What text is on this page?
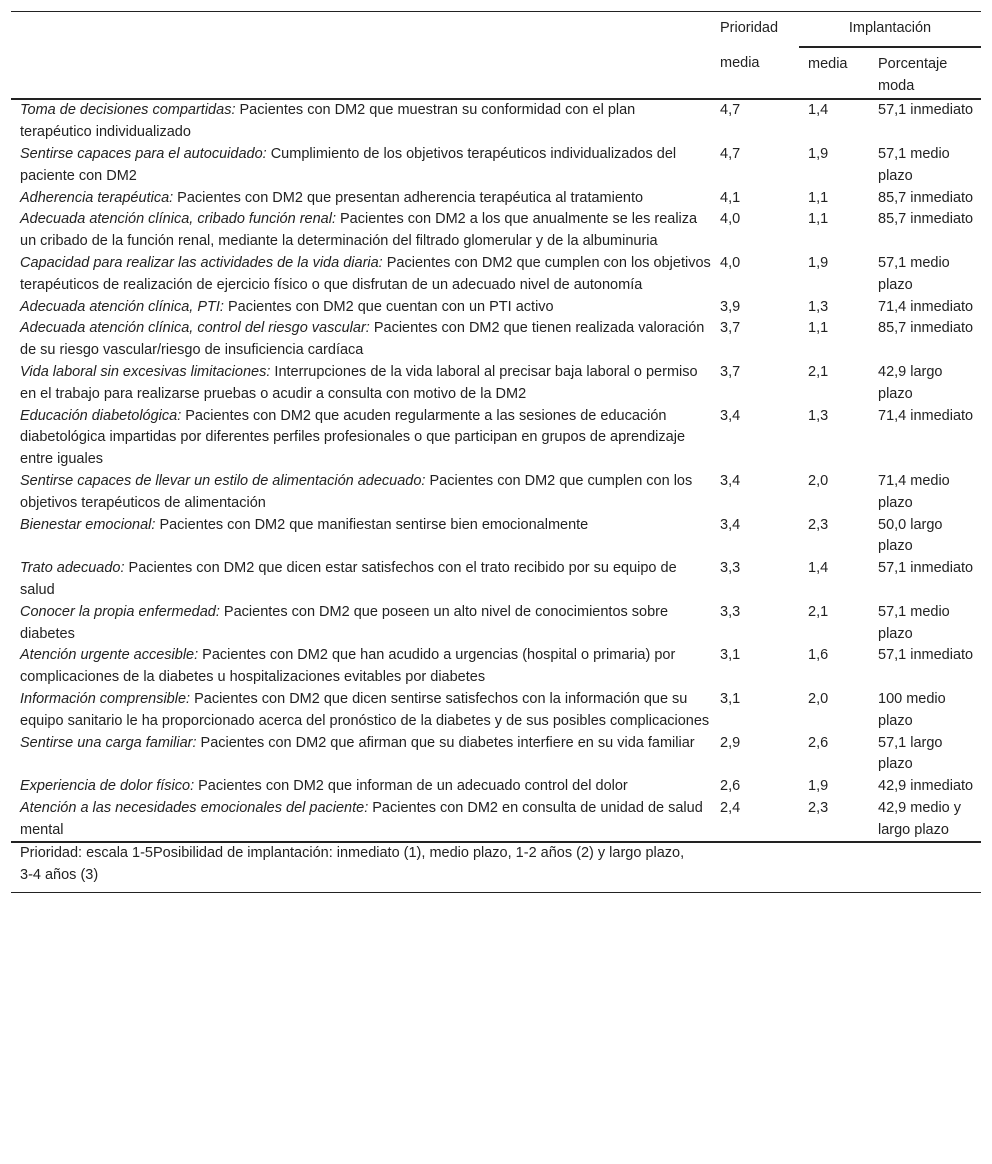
	Prioridad	Implantación	
	media	media	Porcentaje moda
Toma de decisiones compartidas: Pacientes con DM2 que muestran su conformidad con el plan terapéutico individualizado	4,7	1,4	57,1 inmediato
Sentirse capaces para el autocuidado: Cumplimiento de los objetivos terapéuticos individualizados del paciente con DM2	4,7	1,9	57,1 medio plazo
Adherencia terapéutica: Pacientes con DM2 que presentan adherencia terapéutica al tratamiento	4,1	1,1	85,7 inmediato
Adecuada atención clínica, cribado función renal: Pacientes con DM2 a los que anualmente se les realiza un cribado de la función renal, mediante la determinación del filtrado glomerular y de la albuminuria	4,0	1,1	85,7 inmediato
Capacidad para realizar las actividades de la vida diaria: Pacientes con DM2 que cumplen con los objetivos terapéuticos de realización de ejercicio físico o que disfrutan de un adecuado nivel de autonomía	4,0	1,9	57,1 medio plazo
Adecuada atención clínica, PTI: Pacientes con DM2 que cuentan con un PTI activo	3,9	1,3	71,4 inmediato
Adecuada atención clínica, control del riesgo vascular: Pacientes con DM2 que tienen realizada valoración de su riesgo vascular/riesgo de insuficiencia cardíaca	3,7	1,1	85,7 inmediato
Vida laboral sin excesivas limitaciones: Interrupciones de la vida laboral al precisar baja laboral o permiso en el trabajo para realizarse pruebas o acudir a consulta con motivo de la DM2	3,7	2,1	42,9 largo plazo
Educación diabetológica: Pacientes con DM2 que acuden regularmente a las sesiones de educación diabetológica impartidas por diferentes perfiles profesionales o que participan en grupos de aprendizaje entre iguales	3,4	1,3	71,4 inmediato
Sentirse capaces de llevar un estilo de alimentación adecuado: Pacientes con DM2 que cumplen con los objetivos terapéuticos de alimentación	3,4	2,0	71,4 medio plazo
Bienestar emocional: Pacientes con DM2 que manifiestan sentirse bien emocionalmente	3,4	2,3	50,0 largo plazo
Trato adecuado: Pacientes con DM2 que dicen estar satisfechos con el trato recibido por su equipo de salud	3,3	1,4	57,1 inmediato
Conocer la propia enfermedad: Pacientes con DM2 que poseen un alto nivel de conocimientos sobre diabetes	3,3	2,1	57,1 medio plazo
Atención urgente accesible: Pacientes con DM2 que han acudido a urgencias (hospital o primaria) por complicaciones de la diabetes u hospitalizaciones evitables por diabetes	3,1	1,6	57,1 inmediato
Información comprensible: Pacientes con DM2 que dicen sentirse satisfechos con la información que su equipo sanitario le ha proporcionado acerca del pronóstico de la diabetes y de sus posibles complicaciones	3,1	2,0	100 medio plazo
Sentirse una carga familiar: Pacientes con DM2 que afirman que su diabetes interfiere en su vida familiar	2,9	2,6	57,1 largo plazo
Experiencia de dolor físico: Pacientes con DM2 que informan de un adecuado control del dolor	2,6	1,9	42,9 inmediato
Atención a las necesidades emocionales del paciente: Pacientes con DM2 en consulta de unidad de salud mental	2,4	2,3	42,9 medio y largo plazo

Prioridad: escala 1-5Posibilidad de implantación: inmediato (1), medio plazo, 1-2 años (2) y largo plazo, 3-4 años (3)			
